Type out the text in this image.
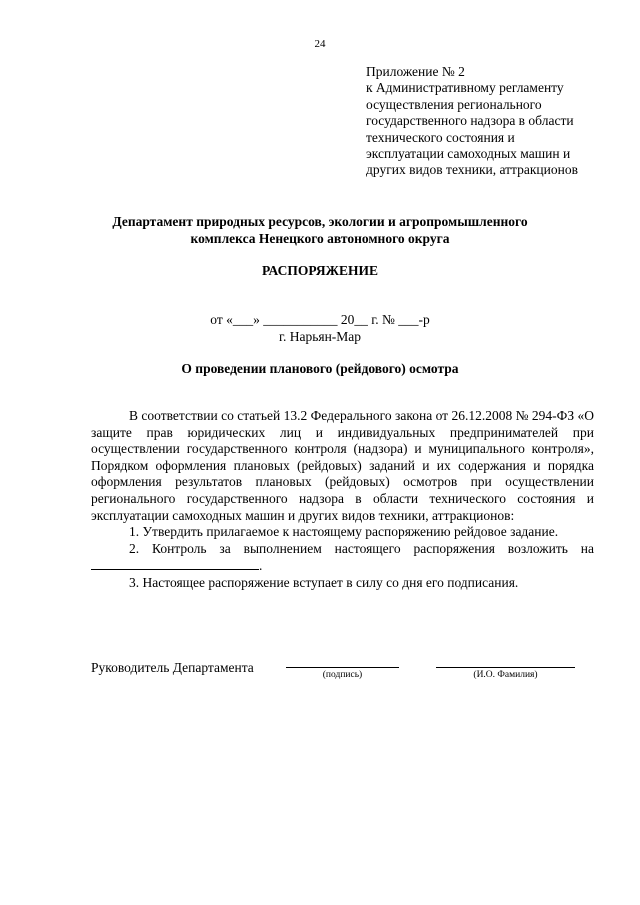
24
Приложение № 2
к Административному регламенту
осуществления регионального
государственного надзора в области
технического состояния и
эксплуатации самоходных машин и
других видов техники, аттракционов
Департамент природных ресурсов, экологии и агропромышленного
комплекса Ненецкого автономного округа
РАСПОРЯЖЕНИЕ
от «___» ___________ 20__ г. № ___-р
г. Нарьян-Мар
О проведении планового (рейдового) осмотра

В соответствии со статьей 13.2 Федерального закона от 26.12.2008 № 294-ФЗ «О защите прав юридических лиц и индивидуальных предпринимателей при осуществлении государственного контроля (надзора) и муниципального контроля», Порядком оформления плановых (рейдовых) заданий и их содержания и порядка оформления результатов плановых (рейдовых) осмотров при осуществлении регионального государственного надзора в области технического состояния и эксплуатации самоходных машин и других видов техники, аттракционов:

1. Утвердить прилагаемое к настоящему распоряжению рейдовое задание.

2. Контроль за выполнением настоящего распоряжения возложить на

.

3. Настоящее распоряжение вступает в силу со дня его подписания.

Руководитель Департамента	(подпись)	(И.О. Фамилия)
